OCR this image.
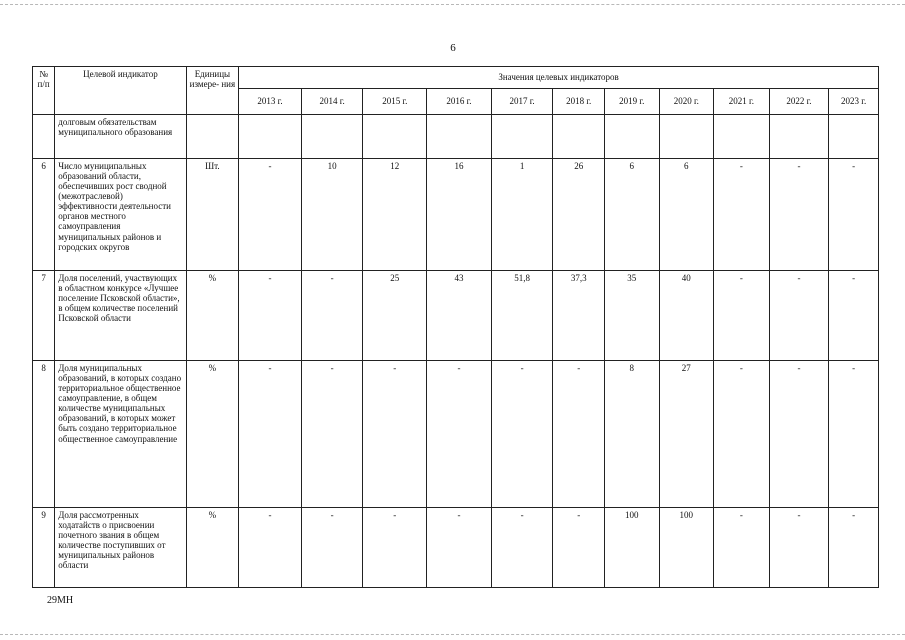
6
№ п/п	Целевой индикатор	Единицы измере- ния	Значения целевых индикаторов										
			2013 г.	2014 г.	2015 г.	2016 г.	2017 г.	2018 г.	2019 г.	2020 г.	2021 г.	2022 г.	2023 г.
	долговым обязательствам муниципального образования												
6	Число муниципальных образований области, обеспечивших рост сводной (межотраслевой) эффективности деятельности органов местного самоуправления муниципальных районов и городских округов	Шт.	-	10	12	16	1	26	6	6	-	-	-
7	Доля поселений, участвующих в областном конкурсе «Лучшее поселение Псковской области», в общем количестве поселений Псковской области	%	-	-	25	43	51,8	37,3	35	40	-	-	-
8	Доля муниципальных образований, в которых создано территориальное общественное самоуправление, в общем количестве муниципальных образований, в которых может быть создано территориальное общественное самоуправление	%	-	-	-	-	-	-	8	27	-	-	-
9	Доля рассмотренных ходатайств о присвоении почетного звания в общем количестве поступивших от муниципальных районов области	%	-	-	-	-	-	-	100	100	-	-	-
29МН
